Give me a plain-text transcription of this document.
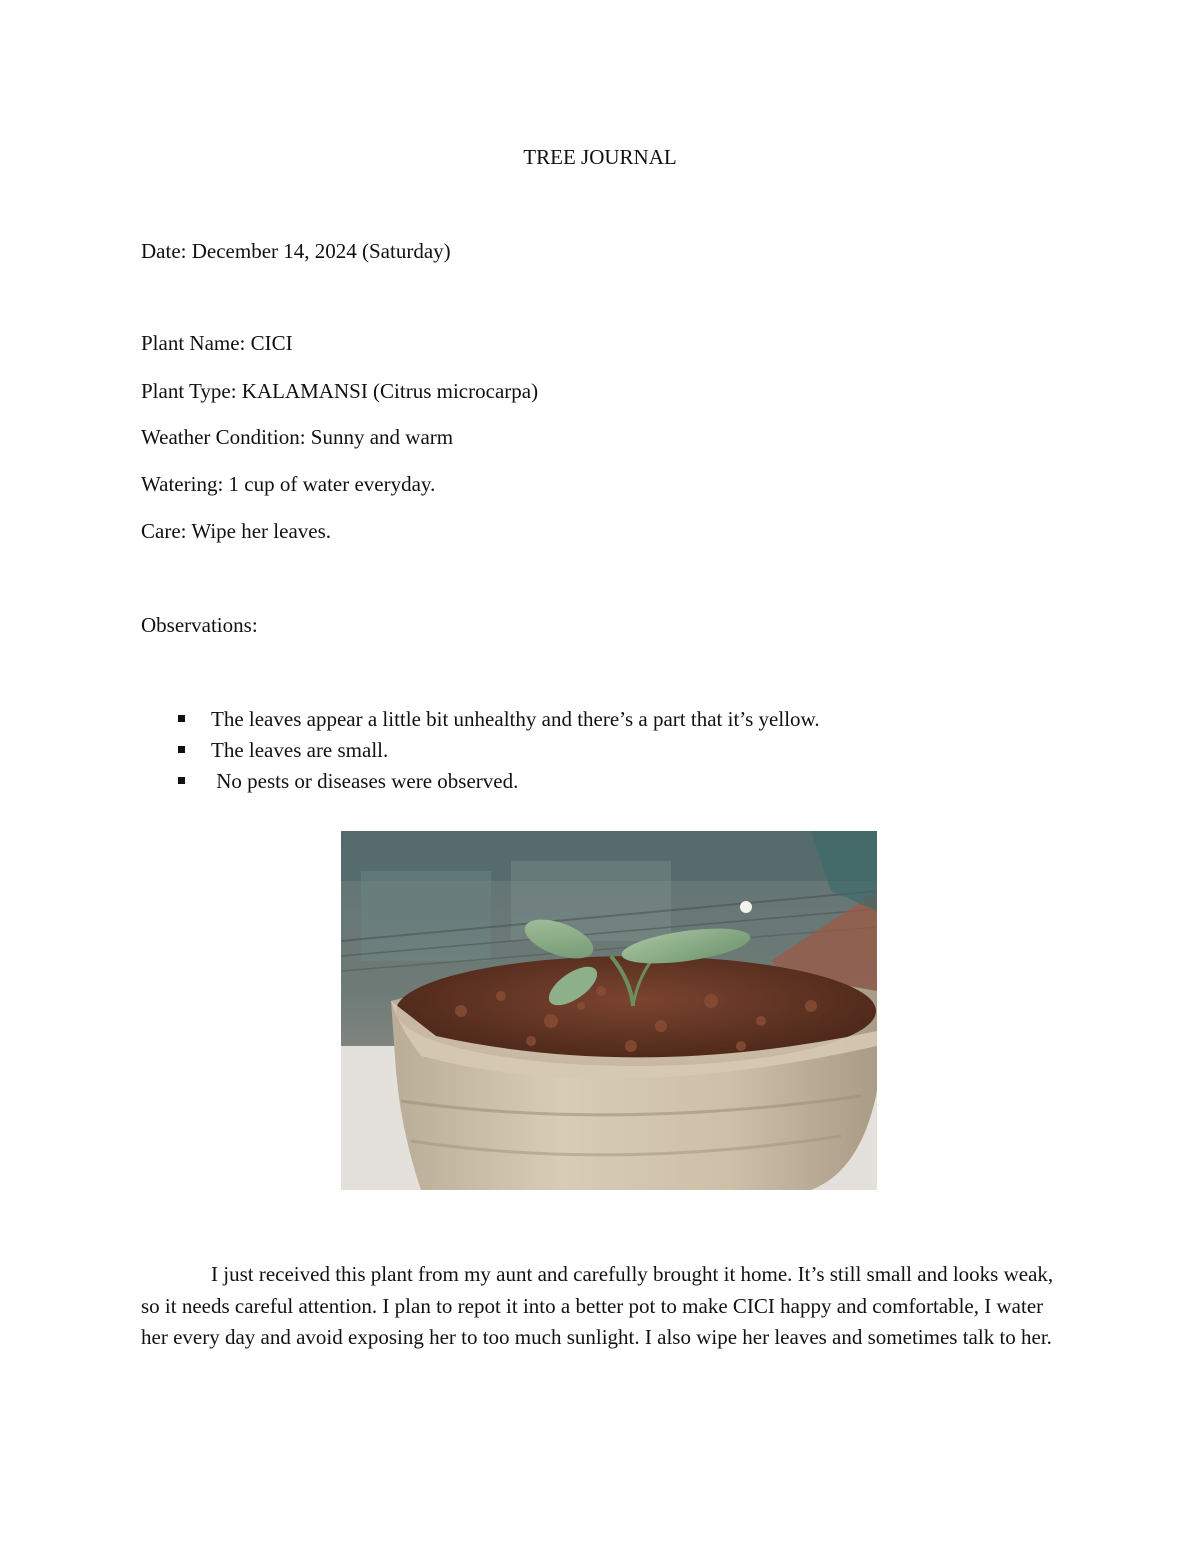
TREE JOURNAL
Date: December 14, 2024 (Saturday)
Plant Name: CICI
Plant Type: KALAMANSI (Citrus microcarpa)
Weather Condition: Sunny and warm
Watering: 1 cup of water everyday.
Care: Wipe her leaves.
Observations:
The leaves appear a little bit unhealthy and there’s a part that it’s yellow.
The leaves are small.
No pests or diseases were observed.

I just received this plant from my aunt and carefully brought it home. It’s still small and looks weak, so it needs careful attention. I plan to repot it into a better pot to make CICI happy and comfortable, I water her every day and avoid exposing her to too much sunlight. I also wipe her leaves and sometimes talk to her.
